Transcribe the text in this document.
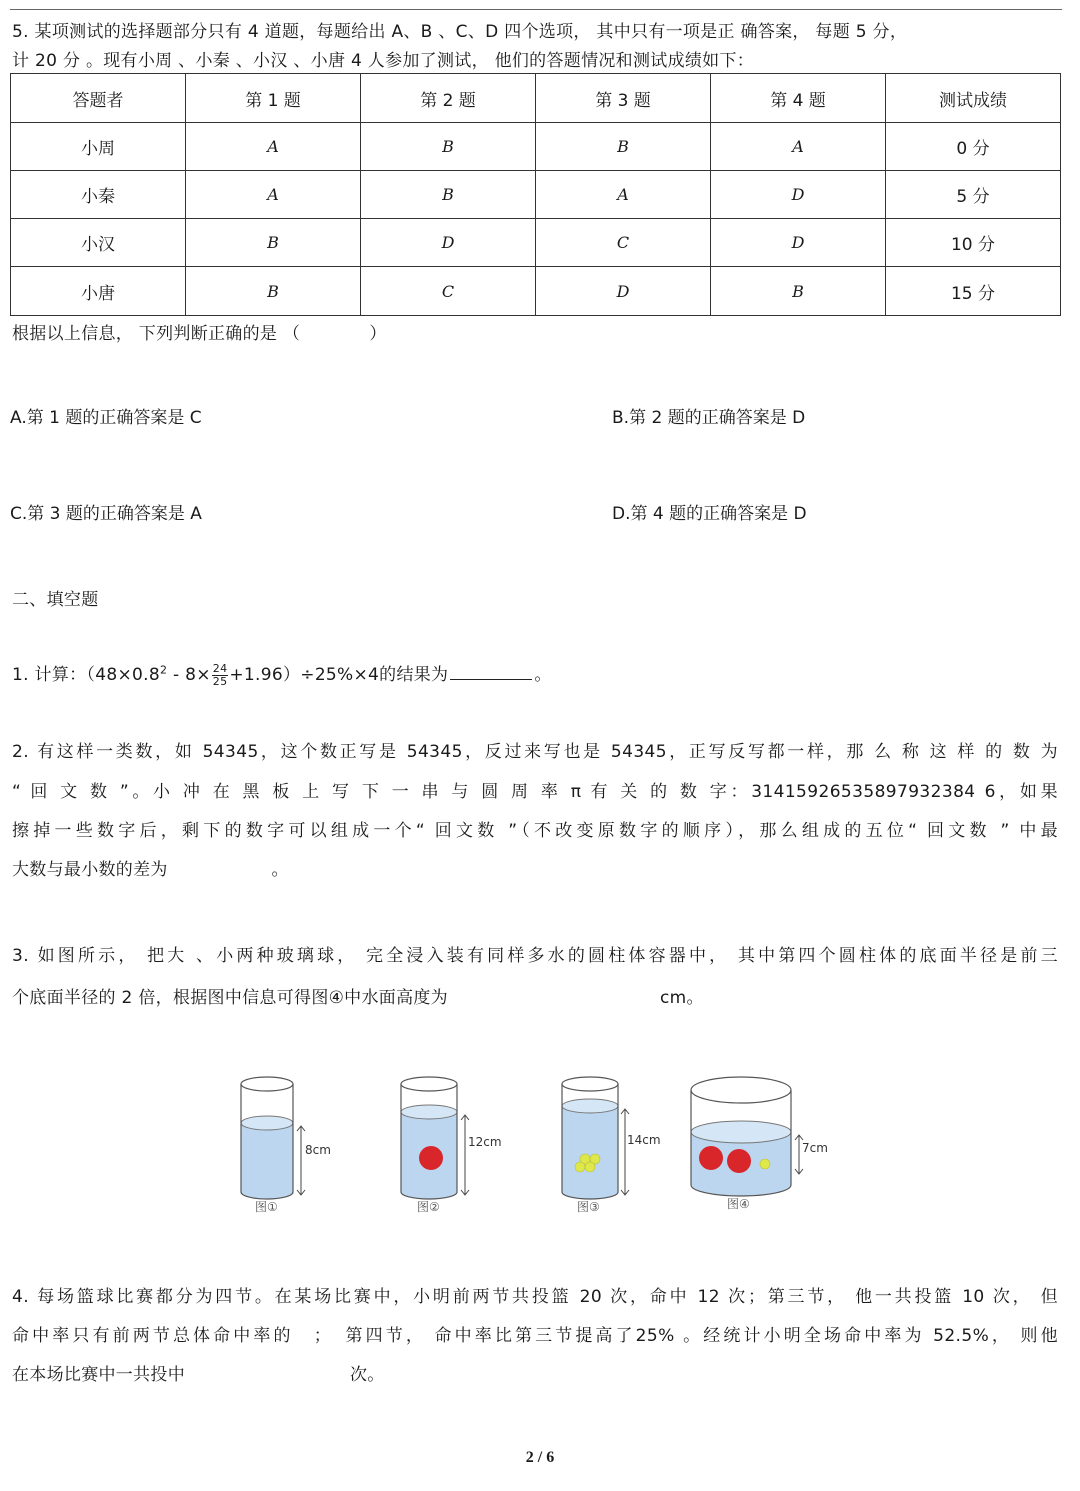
5. 某项测试的选择题部分只有 4 道题，每题给出 A、B 、C、D 四个选项， 其中只有一项是正 确答案， 每题 5 分，
计 20 分 。现有小周 、小秦 、小汉 、小唐 4 人参加了测试， 他们的答题情况和测试成绩如下：
答题者	第 1 题	第 2 题	第 3 题	第 4 题	测试成绩
小周	A	B	B	A	0 分
小秦	A	B	A	D	5 分
小汉	B	D	C	D	10 分
小唐	B	C	D	B	15 分
根据以上信息， 下列判断正确的是 （　　　　）
A.第 1 题的正确答案是 C	B.第 2 题的正确答案是 D
C.第 3 题的正确答案是 A	D.第 4 题的正确答案是 D
二、填空题
1. 计算：$(48\times 0.8^2 - 8\times \frac{24}{25} +1.96)\div 25\%\times 4$的结果为	。
2. 有这样一类数，如 54345，这个数正写是 54345，反过来写也是 54345，正写反写都一样，那 么 称 这 样 的 数 为
“ 回 文 数 ”。小 冲 在 黑 板 上 写 下 一 串 与 圆 周 率 π 有 关 的 数 字：31415926535897932384 6，如果
擦掉一些数字后，剩下的数字可以组成一个“ 回文数 ”（不改变原数字的顺序），那么组成的五位“ 回文数 ” 中最
大数与最小数的差为　　　　　　。
3. 如图所示， 把大 、小两种玻璃球， 完全浸入装有同样多水的圆柱体容器中， 其中第四个圆柱体的底面半径是前三
个底面半径的 2 倍，根据图中信息可得图④中水面高度为	cm。
8cm
图①
12cm
图②
14cm
图③
7cm
图④
4. 每场篮球比赛都分为四节。在某场比赛中，小明前两节共投篮 20 次，命中 12 次；第三节， 他一共投篮 10 次， 但
命中率只有前两节总体命中率的　；　第四节， 命中率比第三节提高了25% 。经统计小明全场命中率为 52.5%， 则他
在本场比赛中一共投中	次。
2 / 6
